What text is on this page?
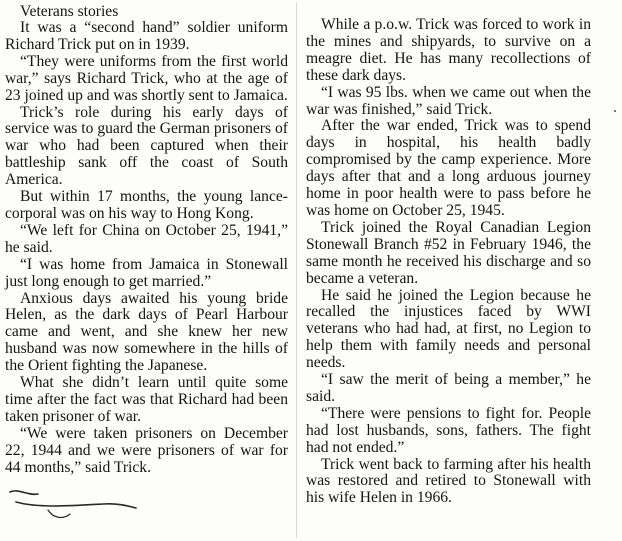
Veterans stories

It was a “second hand” soldier uniform Richard Trick put on in 1939.

“They were uniforms from the first world war,” says Richard Trick, who at the age of 23 joined up and was shortly sent to Jamaica.

Trick’s role during his early days of service was to guard the German prisoners of war who had been captured when their battleship sank off the coast of South America.

But within 17 months, the young lance-corporal was on his way to Hong Kong.

“We left for China on October 25, 1941,” he said.

“I was home from Jamaica in Stonewall just long enough to get married.”

Anxious days awaited his young bride Helen, as the dark days of Pearl Harbour came and went, and she knew her new husband was now somewhere in the hills of the Orient fighting the Japanese.

What she didn’t learn until quite some time after the fact was that Richard had been taken prisoner of war.

“We were taken prisoners on December 22, 1944 and we were prisoners of war for 44 months,” said Trick.

While a p.o.w. Trick was forced to work in the mines and shipyards, to survive on a meagre diet. He has many recollections of these dark days.

“I was 95 lbs. when we came out when the war was finished,” said Trick.

After the war ended, Trick was to spend days in hospital, his health badly compromised by the camp experience. More days after that and a long arduous journey home in poor health were to pass before he was home on October 25, 1945.

Trick joined the Royal Canadian Legion Stonewall Branch #52 in February 1946, the same month he received his discharge and so became a veteran.

He said he joined the Legion because he recalled the injustices faced by WWI veterans who had had, at first, no Legion to help them with family needs and personal needs.

“I saw the merit of being a member,” he said.

“There were pensions to fight for. People had lost husbands, sons, fathers. The fight had not ended.”

Trick went back to farming after his health was restored and retired to Stonewall with his wife Helen in 1966.
